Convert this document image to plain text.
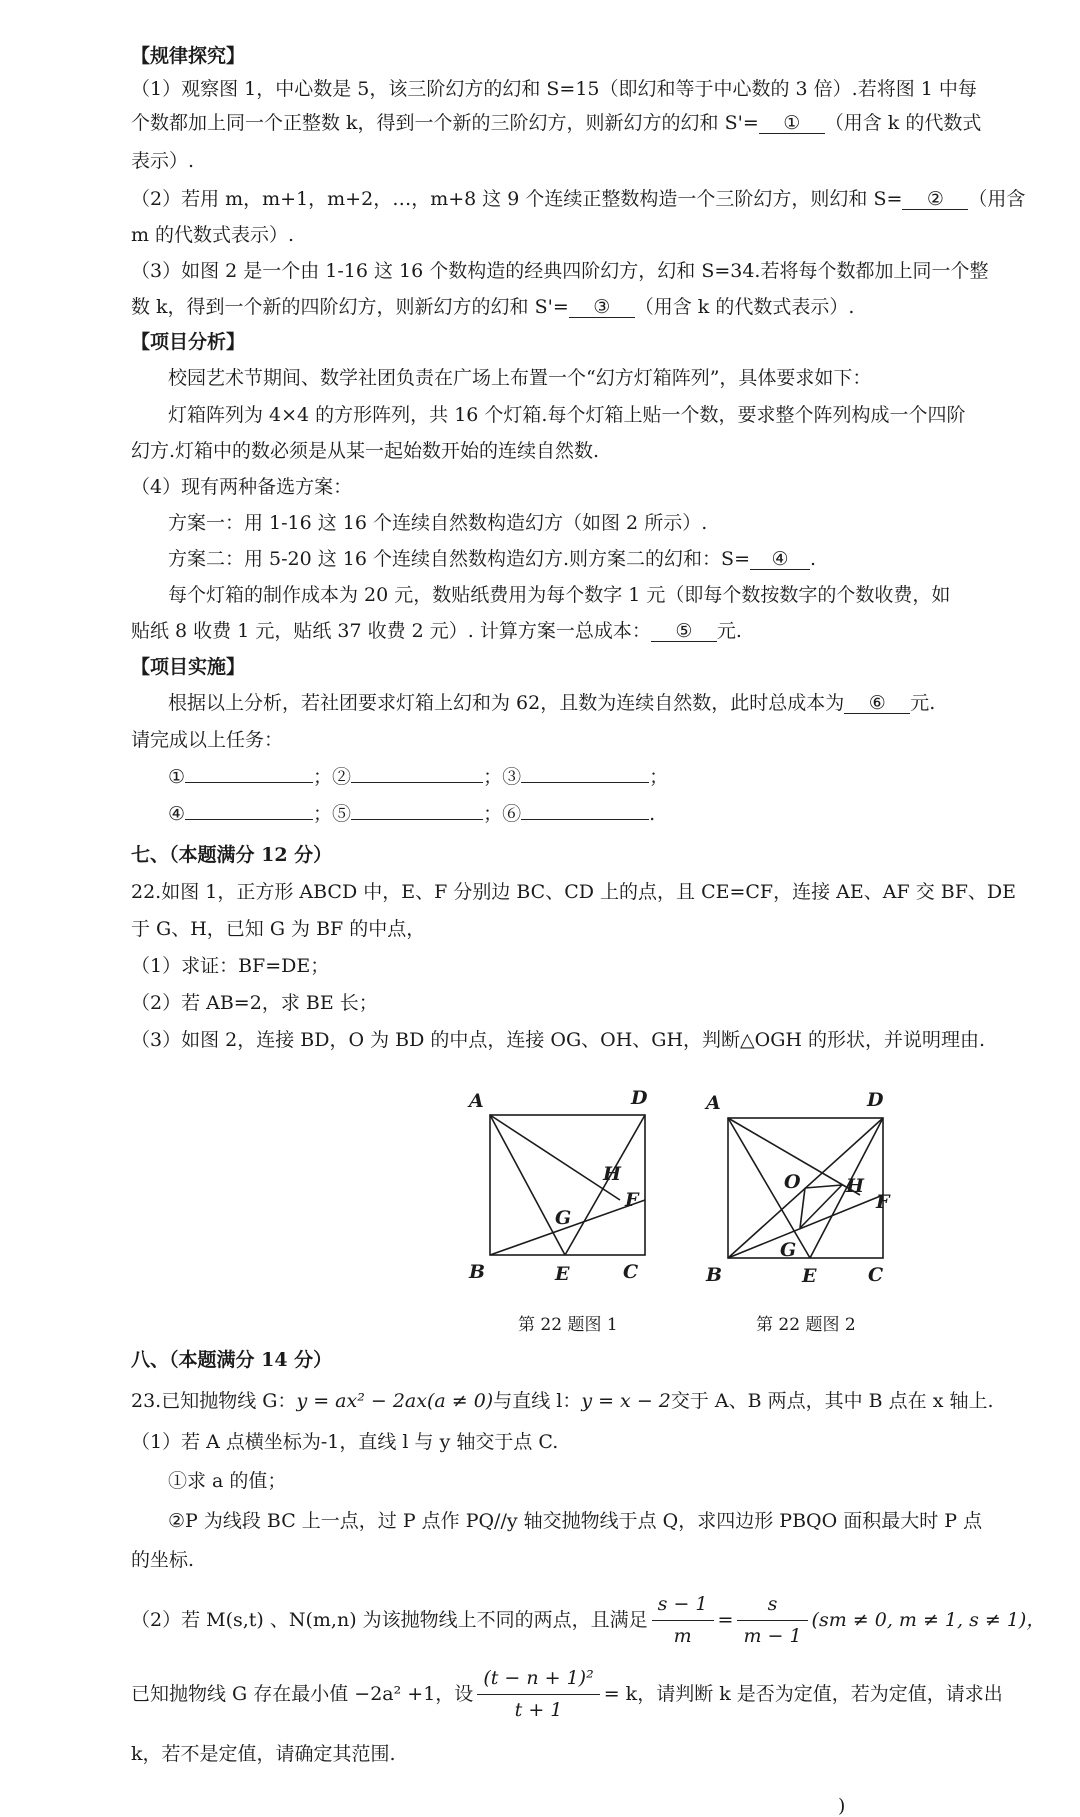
【规律探究】
（1）观察图 1，中心数是 5，该三阶幻方的幻和 S=15（即幻和等于中心数的 3 倍）.若将图 1 中每
个数都加上同一个正整数 k，得到一个新的三阶幻方，则新幻方的幻和 S'= ① （用含 k 的代数式
表示）.
（2）若用 m，m+1，m+2，…，m+8 这 9 个连续正整数构造一个三阶幻方，则幻和 S= ② （用含
m 的代数式表示）.
（3）如图 2 是一个由 1-16 这 16 个数构造的经典四阶幻方，幻和 S=34.若将每个数都加上同一个整
数 k，得到一个新的四阶幻方，则新幻方的幻和 S'= ③ （用含 k 的代数式表示）.
【项目分析】
校园艺术节期间、数学社团负责在广场上布置一个“幻方灯箱阵列”，具体要求如下：
灯箱阵列为 4×4 的方形阵列，共 16 个灯箱.每个灯箱上贴一个数，要求整个阵列构成一个四阶
幻方.灯箱中的数必须是从某一起始数开始的连续自然数.
（4）现有两种备选方案：
方案一：用 1-16 这 16 个连续自然数构造幻方（如图 2 所示）.
方案二：用 5-20 这 16 个连续自然数构造幻方.则方案二的幻和：S= ④ .
每个灯箱的制作成本为 20 元，数贴纸费用为每个数字 1 元（即每个数按数字的个数收费，如
贴纸 8 收费 1 元，贴纸 37 收费 2 元）. 计算方案一总成本： ⑤ 元.
【项目实施】
根据以上分析，若社团要求灯箱上幻和为 62，且数为连续自然数，此时总成本为 ⑥ 元.
请完成以上任务：
①	；②	；③	；
④	；⑤	；⑥	.
七、（本题满分 12 分）
22.如图 1，正方形 ABCD 中，E、F 分别边 BC、CD 上的点，且 CE=CF，连接 AE、AF 交 BF、DE
于 G、H，已知 G 为 BF 的中点，
（1）求证：BF=DE；
（2）若 AB=2，求 BE 长；
（3）如图 2，连接 BD，O 为 BD 的中点，连接 OG、OH、GH，判断△OGH 的形状，并说明理由.
A	D
B	E	C
F
G
H
第 22 题图 1
A	D
B	E	C
F
G
H
O
第 22 题图 2
八、（本题满分 14 分）
23.已知抛物线 G：y = ax² − 2ax(a ≠ 0)与直线 l：y = x − 2交于 A、B 两点，其中 B 点在 x 轴上.
（1）若 A 点横坐标为-1，直线 l 与 y 轴交于点 C.
①求 a 的值；
②P 为线段 BC 上一点，过 P 点作 PQ//y 轴交抛物线于点 Q，求四边形 PBQO 面积最大时 P 点
的坐标.
（2）若 M(s,t) 、N(m,n) 为该抛物线上不同的两点，且满足 $\frac{s - 1}{m} = \frac{s}{m - 1} (sm \ne 0$, m ≠ 1, s ≠ 1)，
已知抛物线 G 存在最小值 −2a² +1，设 $\frac{\text{(t − n + 1)²}}{t + 1} = k$，请判断 k 是否为定值，若为定值，请求出
k，若不是定值，请确定其范围.
)
